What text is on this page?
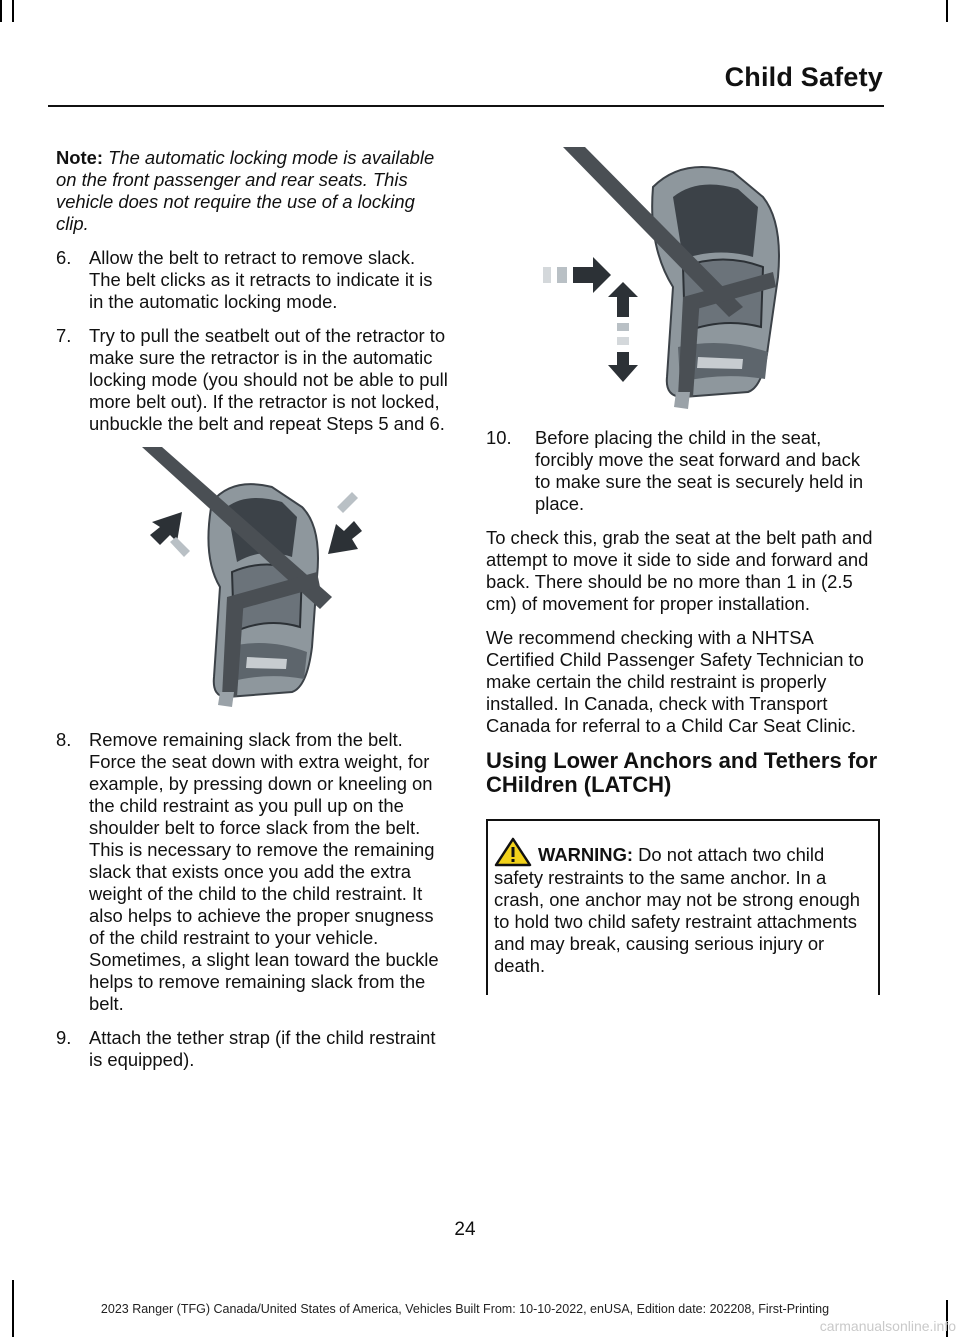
Child Safety

Note: The automatic locking mode is available on the front passenger and rear seats. This vehicle does not require the use of a locking clip.

6. Allow the belt to retract to remove slack. The belt clicks as it retracts to indicate it is in the automatic locking mode.
7. Try to pull the seatbelt out of the retractor to make sure the retractor is in the automatic locking mode (you should not be able to pull more belt out). If the retractor is not locked, unbuckle the belt and repeat Steps 5 and 6.
8. Remove remaining slack from the belt. Force the seat down with extra weight, for example, by pressing down or kneeling on the child restraint as you pull up on the shoulder belt to force slack from the belt. This is necessary to remove the remaining slack that exists once you add the extra weight of the child to the child restraint. It also helps to achieve the proper snugness of the child restraint to your vehicle. Sometimes, a slight lean toward the buckle helps to remove remaining slack from the belt.
9. Attach the tether strap (if the child restraint is equipped).
10. Before placing the child in the seat, forcibly move the seat forward and back to make sure the seat is securely held in place.

To check this, grab the seat at the belt path and attempt to move it side to side and forward and back. There should be no more than 1 in (2.5 cm) of movement for proper installation.

We recommend checking with a NHTSA Certified Child Passenger Safety Technician to make certain the child restraint is properly installed. In Canada, check with Transport Canada for referral to a Child Car Seat Clinic.

Using Lower Anchors and Tethers for CHildren (LATCH)
WARNING: Do not attach two child safety restraints to the same anchor. In a crash, one anchor may not be strong enough to hold two child safety restraint attachments and may break, causing serious injury or death.
24
2023 Ranger (TFG) Canada/United States of America, Vehicles Built From: 10-10-2022, enUSA, Edition date: 202208, First-Printing
carmanualsonline.info
